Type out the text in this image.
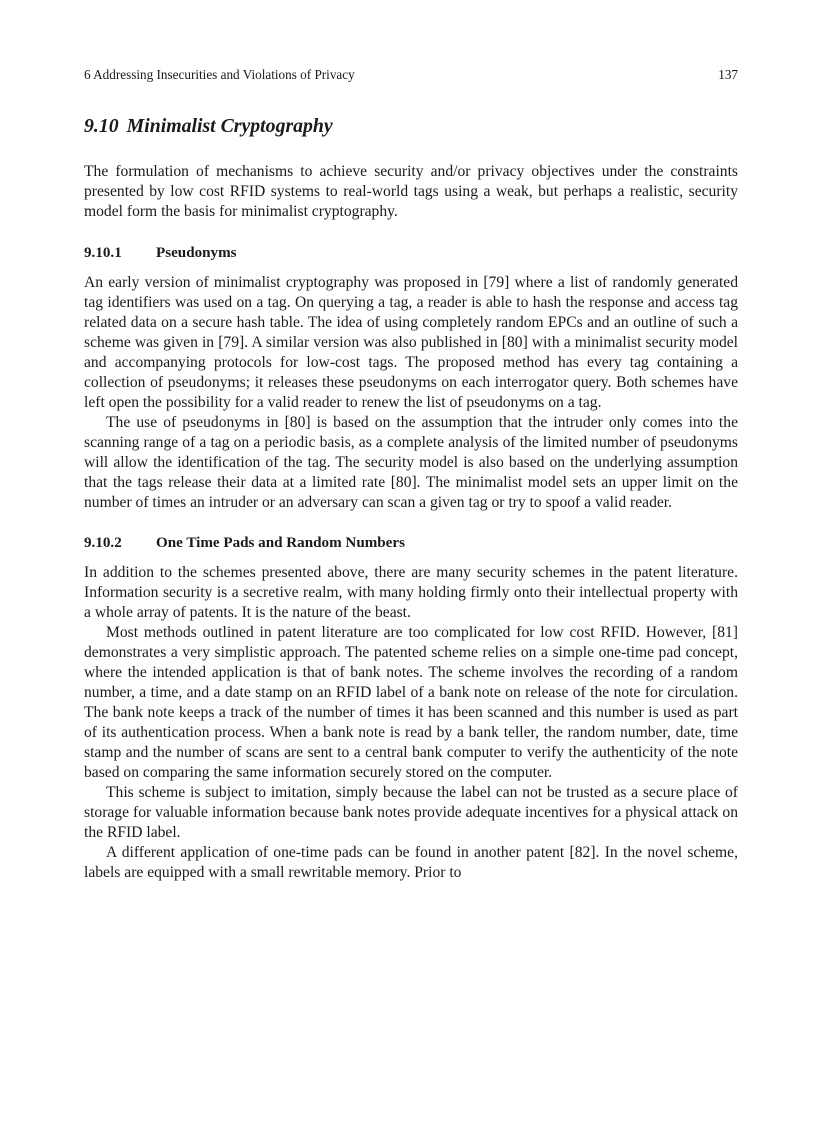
6 Addressing Insecurities and Violations of Privacy	137
9.10 Minimalist Cryptography

The formulation of mechanisms to achieve security and/or privacy objectives under the constraints presented by low cost RFID systems to real-world tags using a weak, but perhaps a realistic, security model form the basis for minimalist cryptography.

9.10.1 Pseudonyms

An early version of minimalist cryptography was proposed in [79] where a list of randomly generated tag identifiers was used on a tag. On querying a tag, a reader is able to hash the response and access tag related data on a secure hash table. The idea of using completely random EPCs and an outline of such a scheme was given in [79]. A similar version was also published in [80] with a minimalist security model and accompanying protocols for low-cost tags. The proposed method has every tag containing a collection of pseudonyms; it releases these pseudonyms on each interrogator query. Both schemes have left open the possibility for a valid reader to renew the list of pseudonyms on a tag.

The use of pseudonyms in [80] is based on the assumption that the intruder only comes into the scanning range of a tag on a periodic basis, as a complete analysis of the limited number of pseudonyms will allow the identification of the tag. The security model is also based on the underlying assumption that the tags release their data at a limited rate [80]. The minimalist model sets an upper limit on the number of times an intruder or an adversary can scan a given tag or try to spoof a valid reader.

9.10.2 One Time Pads and Random Numbers

In addition to the schemes presented above, there are many security schemes in the patent literature. Information security is a secretive realm, with many holding firmly onto their intellectual property with a whole array of patents. It is the nature of the beast.

Most methods outlined in patent literature are too complicated for low cost RFID. However, [81] demonstrates a very simplistic approach. The patented scheme relies on a simple one-time pad concept, where the intended application is that of bank notes. The scheme involves the recording of a random number, a time, and a date stamp on an RFID label of a bank note on release of the note for circulation. The bank note keeps a track of the number of times it has been scanned and this number is used as part of its authentication process. When a bank note is read by a bank teller, the random number, date, time stamp and the number of scans are sent to a central bank computer to verify the authenticity of the note based on comparing the same information securely stored on the computer.

This scheme is subject to imitation, simply because the label can not be trusted as a secure place of storage for valuable information because bank notes provide adequate incentives for a physical attack on the RFID label.

A different application of one-time pads can be found in another patent [82]. In the novel scheme, labels are equipped with a small rewritable memory. Prior to
